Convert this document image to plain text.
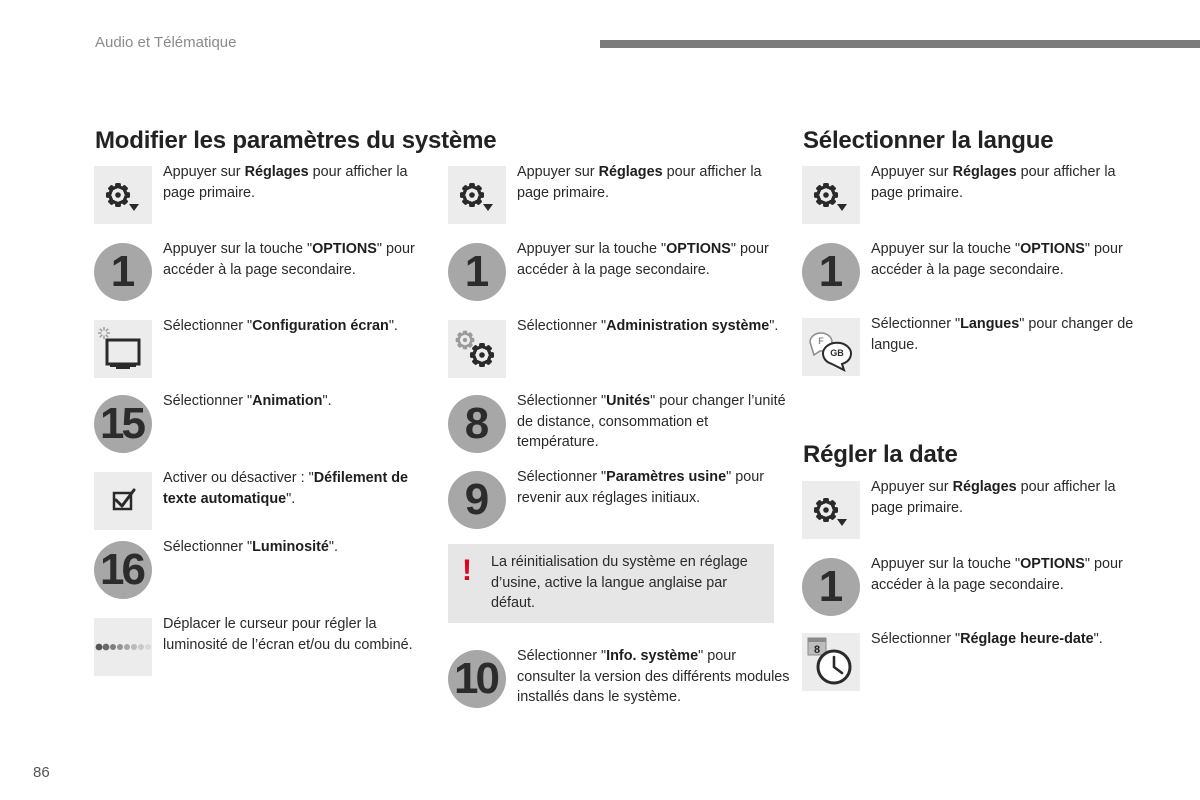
Audio et Télématique
Modifier les paramètres du système

Appuyer sur Réglages pour afficher la page primaire.

1 Appuyer sur la touche "OPTIONS" pour accéder à la page secondaire.

Sélectionner "Configuration écran".

15 Sélectionner "Animation".

Activer ou désactiver : "Défilement de texte automatique".

16 Sélectionner "Luminosité".

Déplacer le curseur pour régler la luminosité de l’écran et/ou du combiné.

Appuyer sur Réglages pour afficher la page primaire.

1 Appuyer sur la touche "OPTIONS" pour accéder à la page secondaire.

Sélectionner "Administration système".

8 Sélectionner "Unités" pour changer l’unité de distance, consommation et température.

9 Sélectionner "Paramètres usine" pour revenir aux réglages initiaux.

10 Sélectionner "Info. système" pour consulter la version des différents modules installés dans le système.

! La réinitialisation du système en réglage d’usine, active la langue anglaise par défaut.

Sélectionner la langue
Régler la date

Appuyer sur Réglages pour afficher la page primaire.

1 Appuyer sur la touche "OPTIONS" pour accéder à la page secondaire.

F
GB

Sélectionner "Langues" pour changer de langue.

Appuyer sur Réglages pour afficher la page primaire.

1 Appuyer sur la touche "OPTIONS" pour accéder à la page secondaire.

8

Sélectionner "Réglage heure-date".

86
